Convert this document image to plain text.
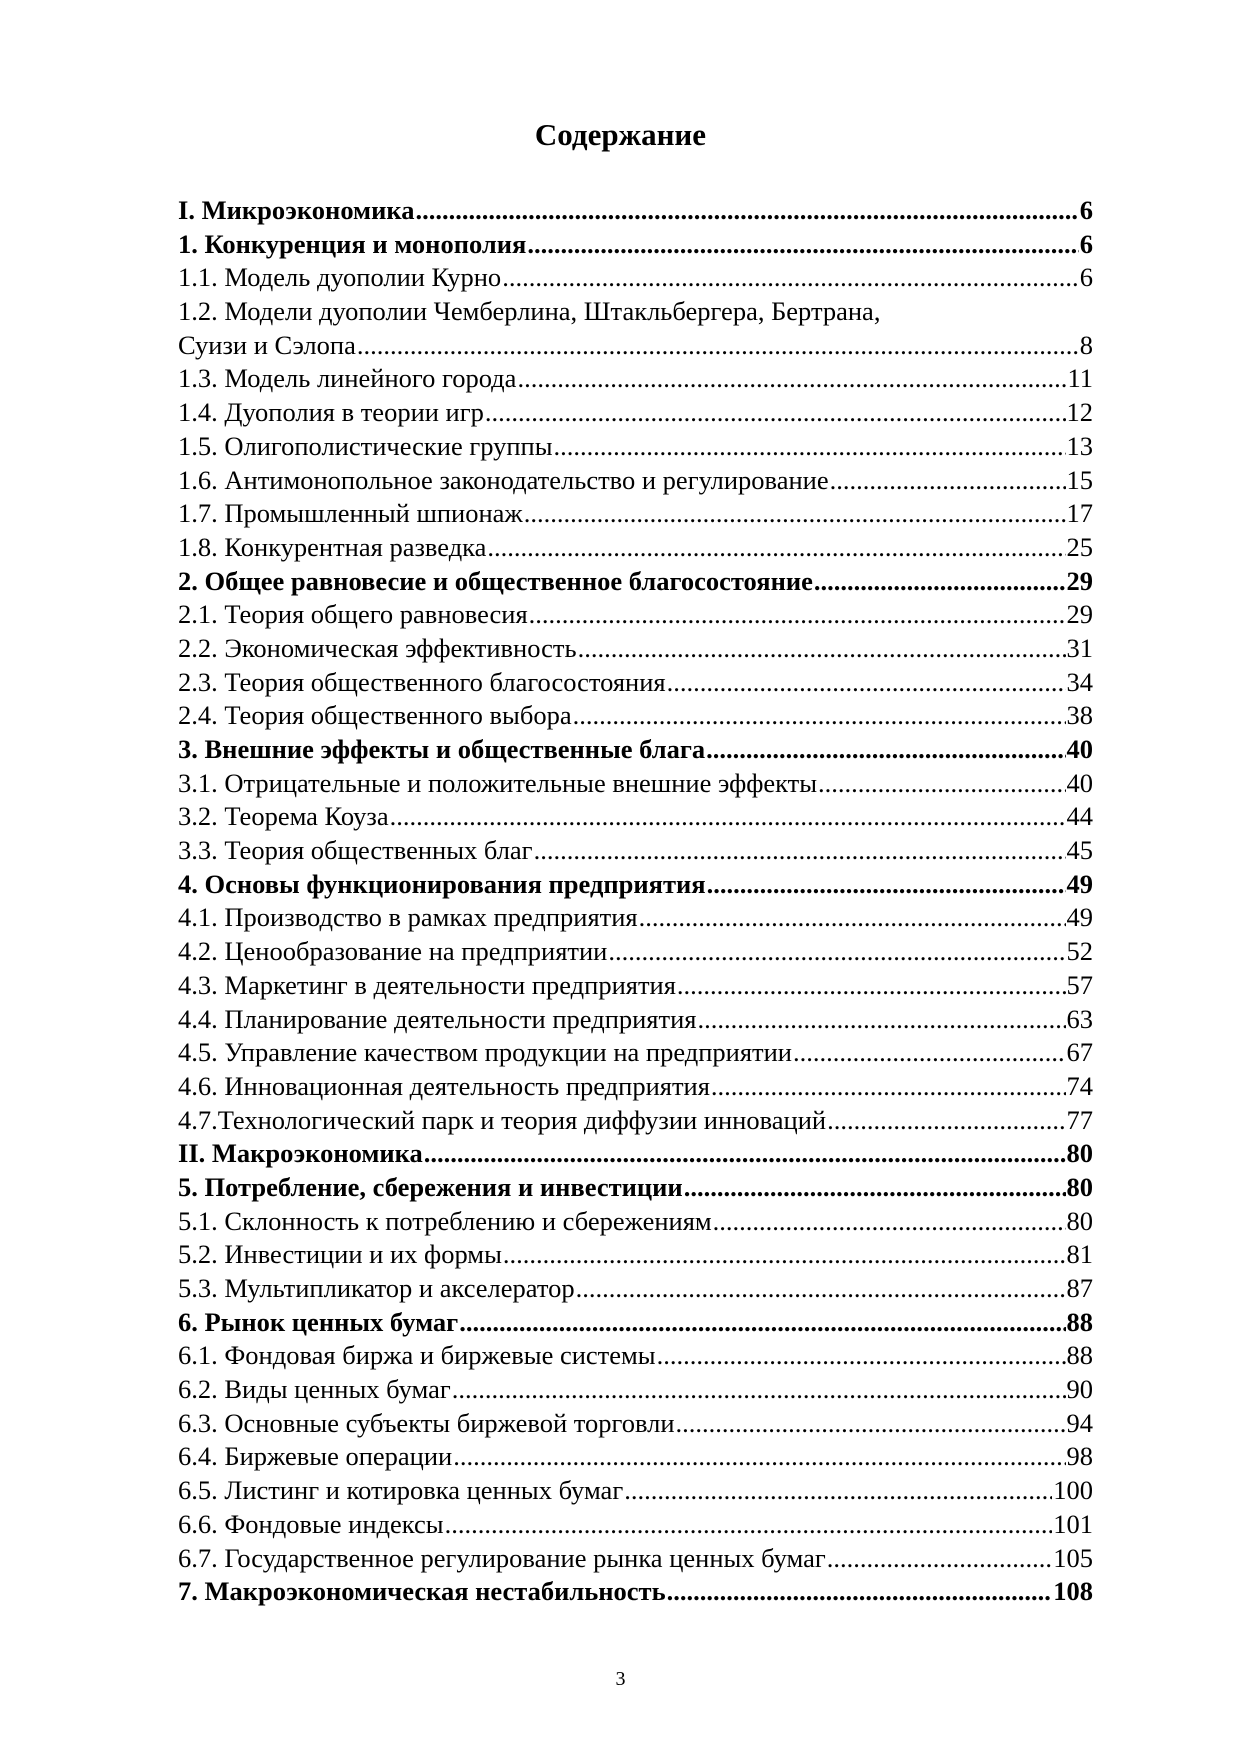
Содержание
I. Микроэкономика .....	6
1. Конкуренция и монополия .....	6
1.1. Модель дуополии Курно .....	6
1.2. Модели дуополии Чемберлина, Штакльбергера, Бертрана,
Суизи и Сэлопа .....	8
1.3. Модель линейного города .....	11
1.4. Дуополия в теории игр .....	12
1.5. Олигополистические группы .....	13
1.6. Антимонопольное законодательство и регулирование .....	15
1.7. Промышленный шпионаж .....	17
1.8. Конкурентная разведка .....	25
2. Общее равновесие и общественное благосостояние .....	29
2.1. Теория общего равновесия .....	29
2.2. Экономическая эффективность .....	31
2.3. Теория общественного благосостояния .....	34
2.4. Теория общественного выбора .....	38
3. Внешние эффекты и общественные блага .....	40
3.1. Отрицательные и положительные внешние эффекты .....	40
3.2. Теорема Коуза .....	44
3.3. Теория общественных благ .....	45
4. Основы функционирования предприятия .....	49
4.1. Производство в рамках предприятия .....	49
4.2. Ценообразование на предприятии .....	52
4.3. Маркетинг в деятельности предприятия .....	57
4.4. Планирование деятельности предприятия .....	63
4.5. Управление качеством продукции на предприятии .....	67
4.6. Инновационная деятельность предприятия .....	74
4.7.Технологический парк и теория диффузии инноваций .....	77
II. Макроэкономика .....	80
5. Потребление, сбережения и инвестиции .....	80
5.1. Склонность к потреблению и сбережениям .....	80
5.2. Инвестиции и их формы .....	81
5.3. Мультипликатор и акселератор .....	87
6. Рынок ценных бумаг .....	88
6.1. Фондовая биржа и биржевые системы .....	88
6.2. Виды ценных бумаг .....	90
6.3. Основные субъекты биржевой торговли .....	94
6.4. Биржевые операции .....	98
6.5. Листинг и котировка ценных бумаг .....	100
6.6. Фондовые индексы .....	101
6.7. Государственное регулирование рынка ценных бумаг .....	105
7. Макроэкономическая нестабильность .....	108
3
